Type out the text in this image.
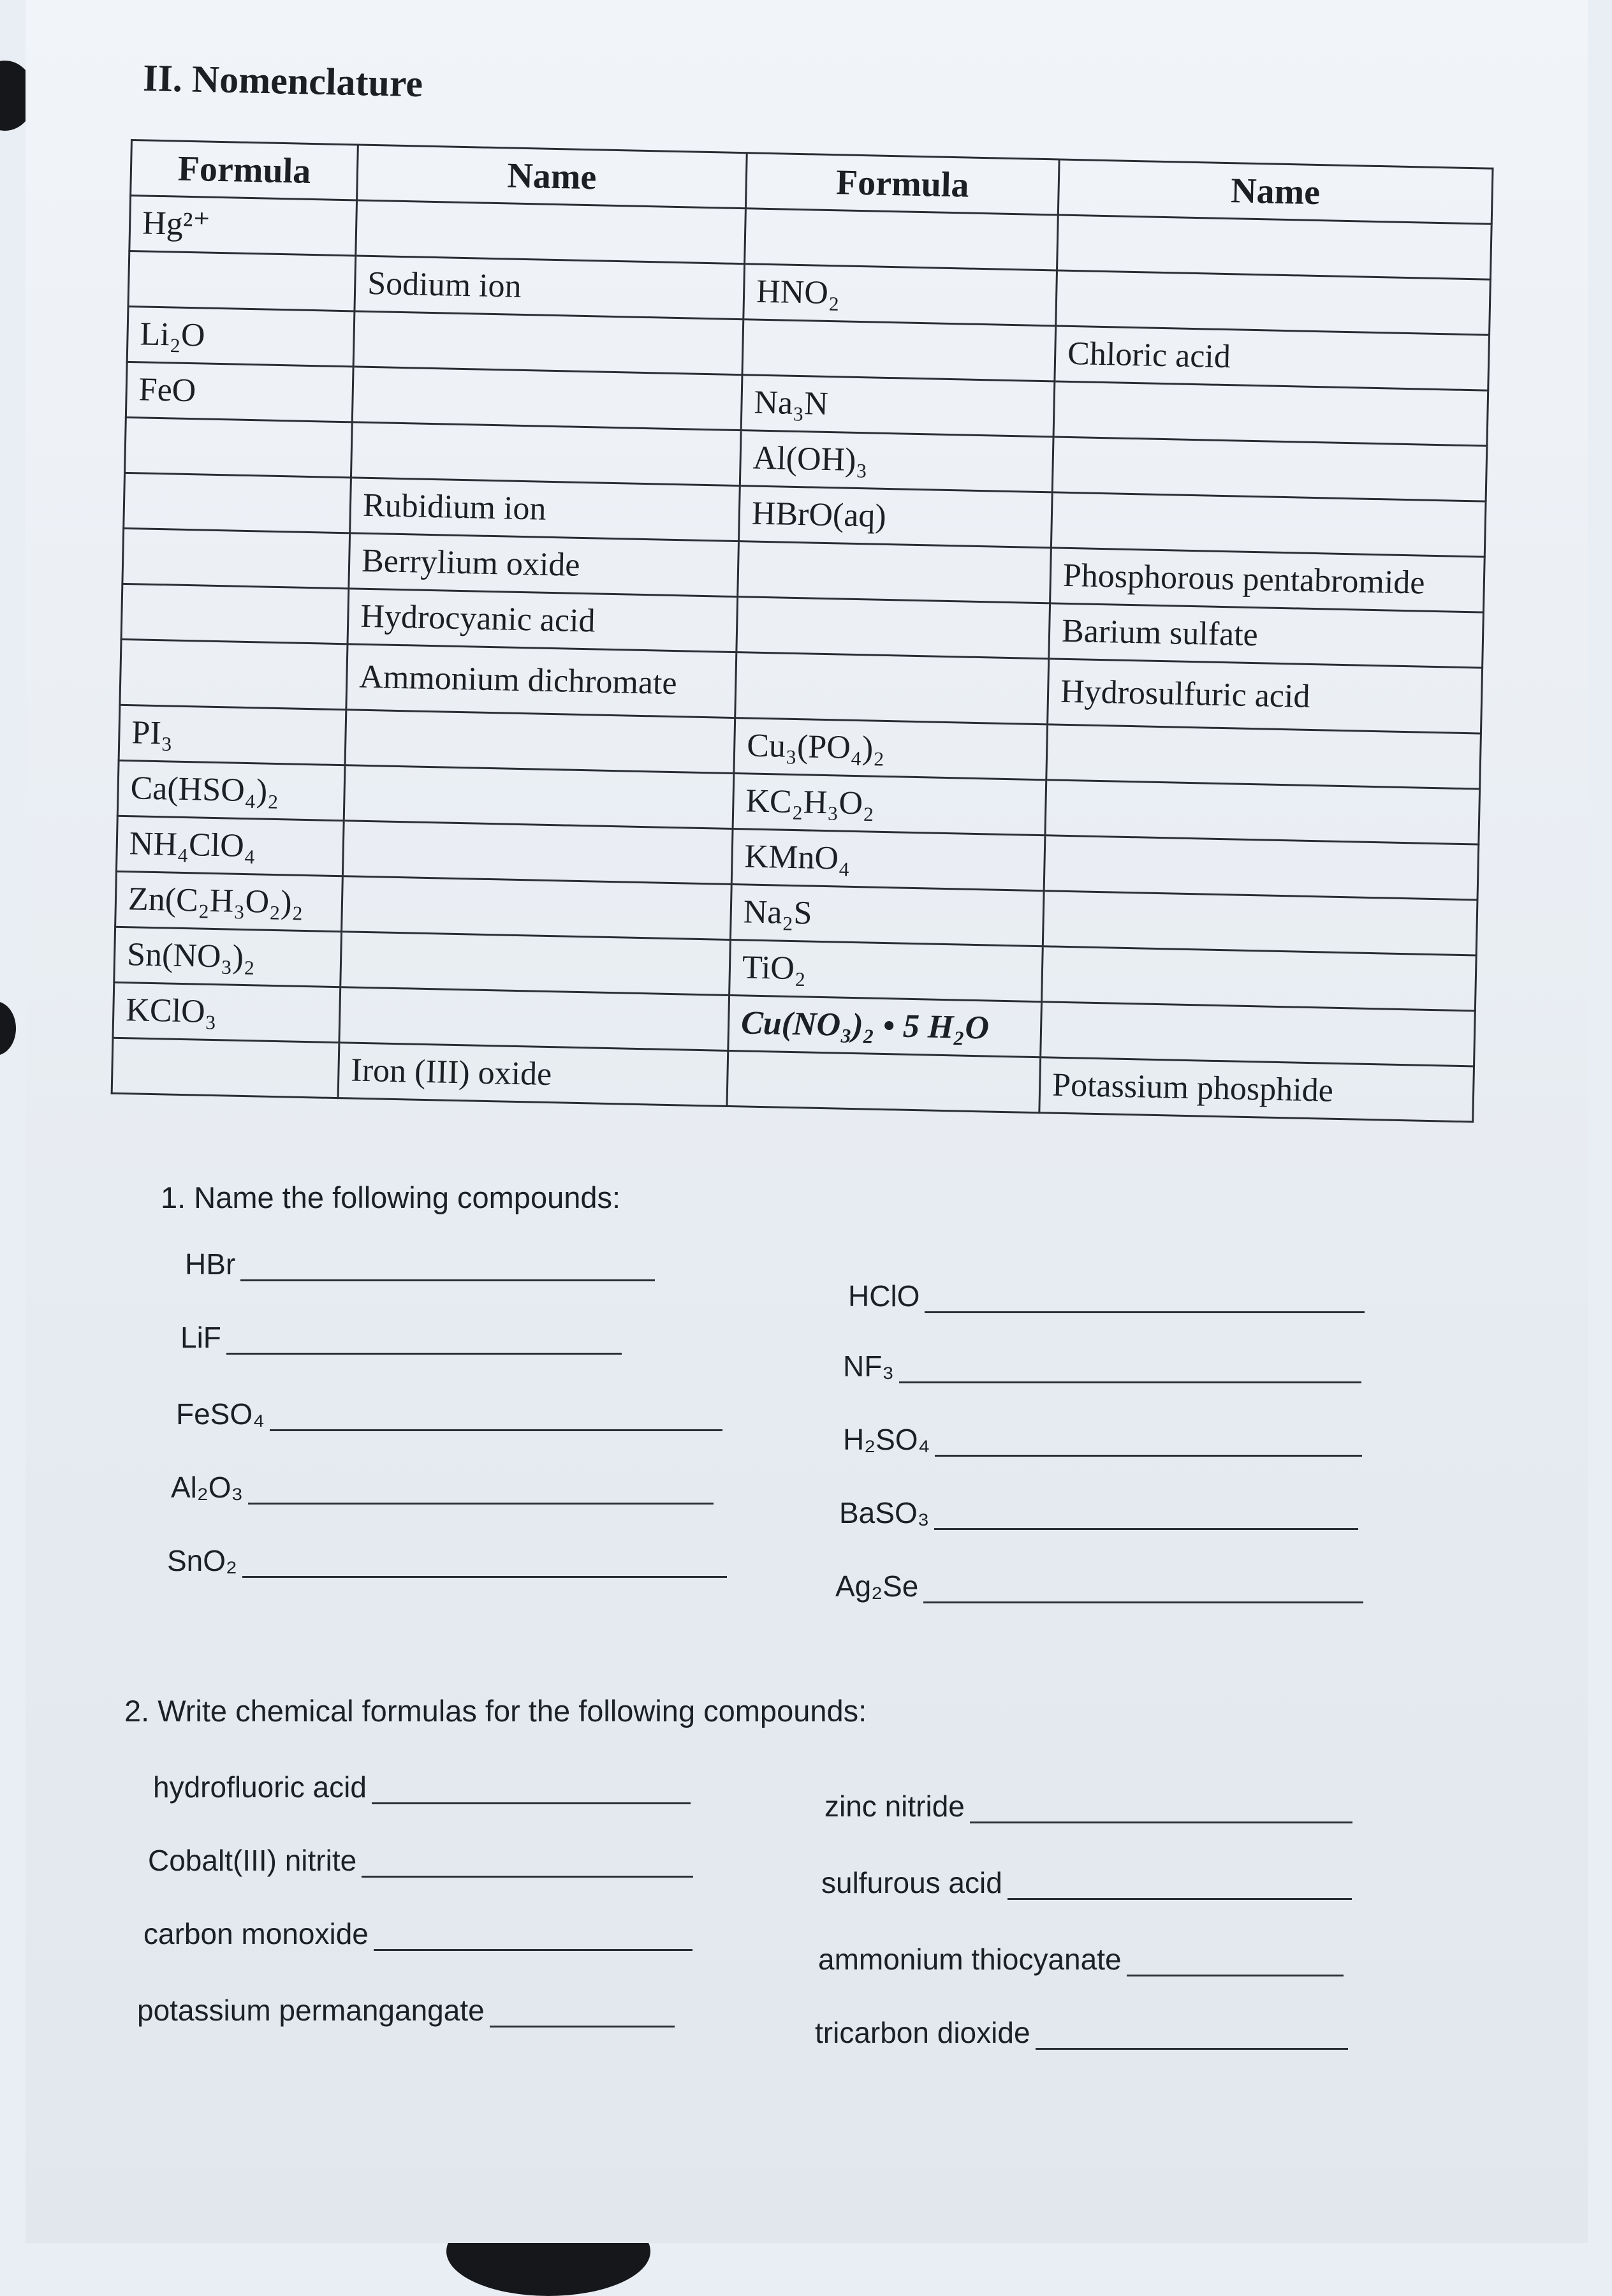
II. Nomenclature
Formula	Name	Formula	Name
Hg²⁺			
	Sodium ion	HNO₂	
Li₂O			Chloric acid
FeO		Na₃N	
		Al(OH)₃	
	Rubidium ion	HBrO(aq)	
	Berrylium oxide		Phosphorous pentabromide
	Hydrocyanic acid		Barium sulfate
	Ammonium dichromate		Hydrosulfuric acid
PI₃		Cu₃(PO₄)₂	
Ca(HSO₄)₂		KC₂H₃O₂	
NH₄ClO₄		KMnO₄	
Zn(C₂H₃O₂)₂		Na₂S	
Sn(NO₃)₂		TiO₂	
KClO₃		Cu(NO₃)₂ • 5 H₂O	
	Iron (III) oxide		Potassium phosphide
1. Name the following compounds:
HBr
LiF
FeSO₄
Al₂O₃
SnO₂
HClO
NF₃
H₂SO₄
BaSO₃
Ag₂Se
2. Write chemical formulas for the following compounds:
hydrofluoric acid
Cobalt(III) nitrite
carbon monoxide
potassium permangangate
zinc nitride
sulfurous acid
ammonium thiocyanate
tricarbon dioxide
